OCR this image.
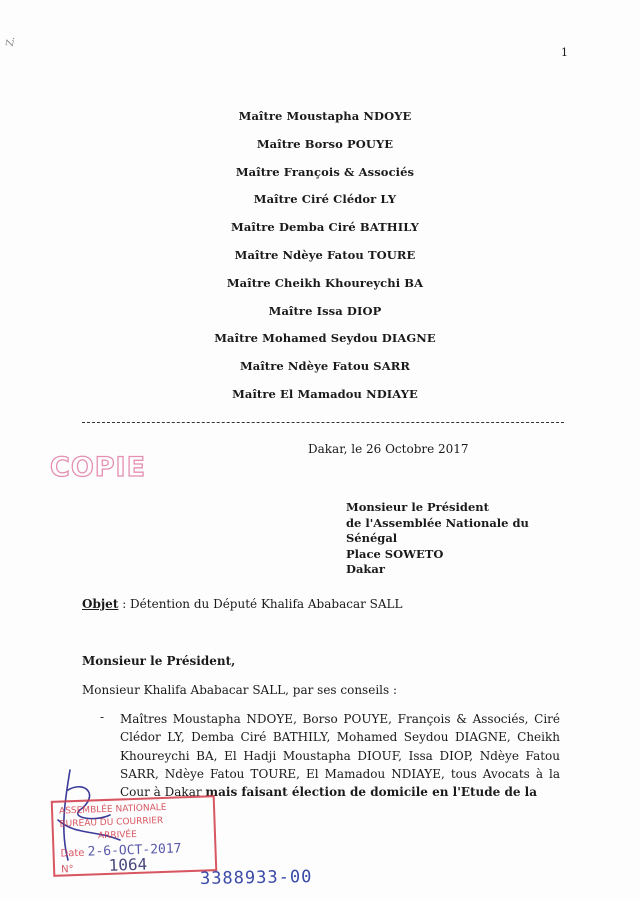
Z.
1
Maître Moustapha NDOYE
Maître Borso POUYE
Maître François & Associés
Maître Ciré Clédor LY
Maître Demba Ciré BATHILY
Maître Ndèye Fatou TOURE
Maître Cheikh Khoureychi BA
Maître Issa DIOP
Maître Mohamed Seydou DIAGNE
Maître Ndèye Fatou SARR
Maître El Mamadou NDIAYE
Dakar, le 26 Octobre 2017
COPIE
Monsieur le Président
de l'Assemblée Nationale du
Sénégal
Place SOWETO
Dakar
Objet : Détention du Député Khalifa Ababacar SALL
Monsieur le Président,
Monsieur Khalifa Ababacar SALL, par ses conseils :
- Maîtres Moustapha NDOYE, Borso POUYE, François & Associés, Ciré Clédor LY, Demba Ciré BATHILY, Mohamed Seydou DIAGNE, Cheikh Khoureychi BA, El Hadji Moustapha DIOUF, Issa DIOP, Ndèye Fatou SARR, Ndèye Fatou TOURE, El Mamadou NDIAYE, tous Avocats à la Cour à Dakar mais faisant élection de domicile en l'Etude de la
ASSEMBLÉE NATIONALE
BUREAU DU COURRIER
ARRIVÉE
Date 2-6-OCT-2017
N° 1064
3388933-00
